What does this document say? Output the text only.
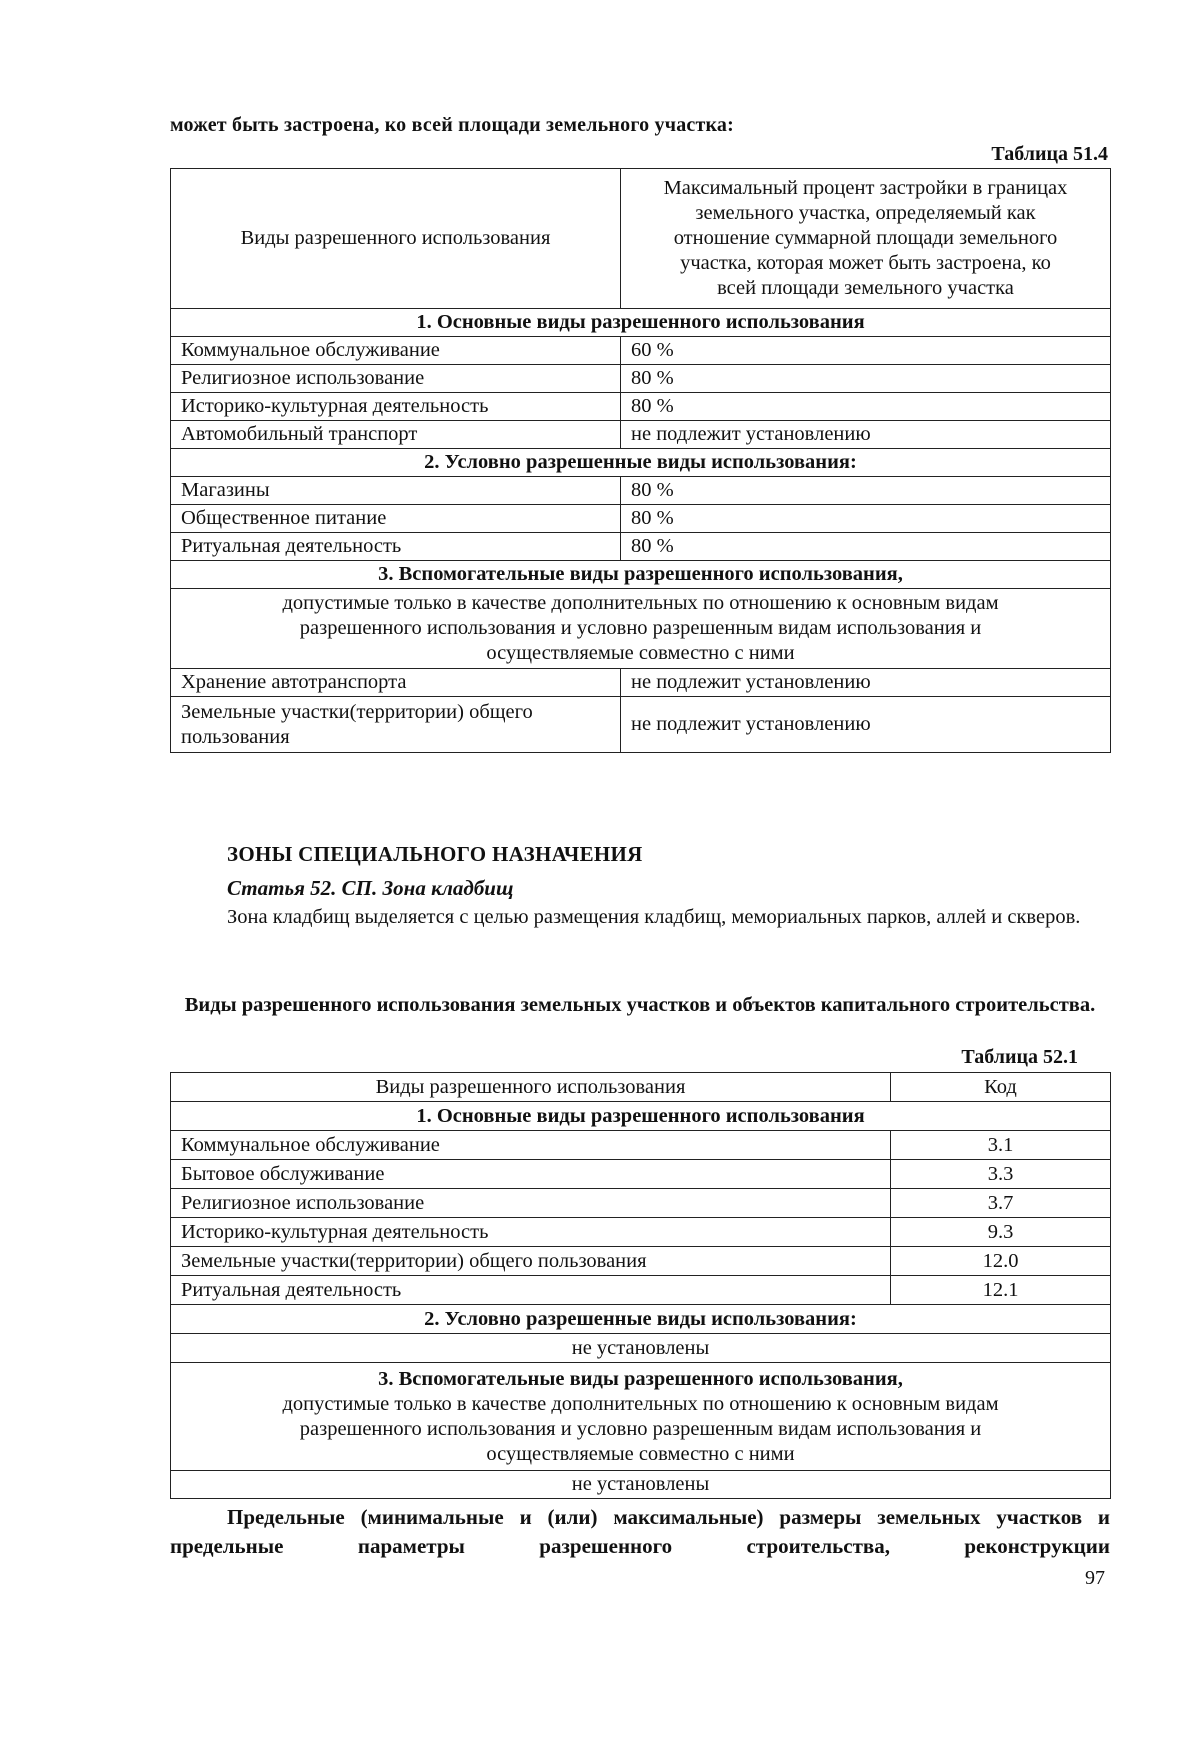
может быть застроена, ко всей площади земельного участка:
Таблица 51.4
Виды разрешенного использования	Максимальный процент застройки в границах
земельного участка, определяемый как
отношение суммарной площади земельного
участка, которая может быть застроена, ко
всей площади земельного участка

1. Основные виды разрешенного использования	
Коммунальное обслуживание	60 %
Религиозное использование	80 %
Историко-культурная деятельность	80 %
Автомобильный транспорт	не подлежит установлению
2. Условно разрешенные виды использования:	
Магазины	80 %
Общественное питание	80 %
Ритуальная деятельность	80 %
3. Вспомогательные виды разрешенного использования,	

допустимые только в качестве дополнительных по отношению к основным видам
разрешенного использования и условно разрешенным видам использования и
осуществляемые совместно с ними	

Хранение автотранспорта	не подлежит установлению

Земельные участки(территории) общего
пользования	не подлежит установлению
ЗОНЫ СПЕЦИАЛЬНОГО НАЗНАЧЕНИЯ
Статья 52. СП. Зона кладбищ
Зона кладбищ выделяется с целью размещения кладбищ, мемориальных парков, аллей и скверов.
Виды разрешенного использования земельных участков и объектов капитального строительства.
Таблица 52.1
Виды разрешенного использования	Код
1. Основные виды разрешенного использования	
Коммунальное обслуживание	3.1
Бытовое обслуживание	3.3
Религиозное использование	3.7
Историко-культурная деятельность	9.3
Земельные участки(территории) общего пользования	12.0
Ритуальная деятельность	12.1
2. Условно разрешенные виды использования:	
не установлены	

3. Вспомогательные виды разрешенного использования,
допустимые только в качестве дополнительных по отношению к основным видам
разрешенного использования и условно разрешенным видам использования и
осуществляемые совместно с ними	

не установлены	
Предельные (минимальные и (или) максимальные) размеры земельных участков и предельные параметры разрешенного строительства, реконструкции
97
